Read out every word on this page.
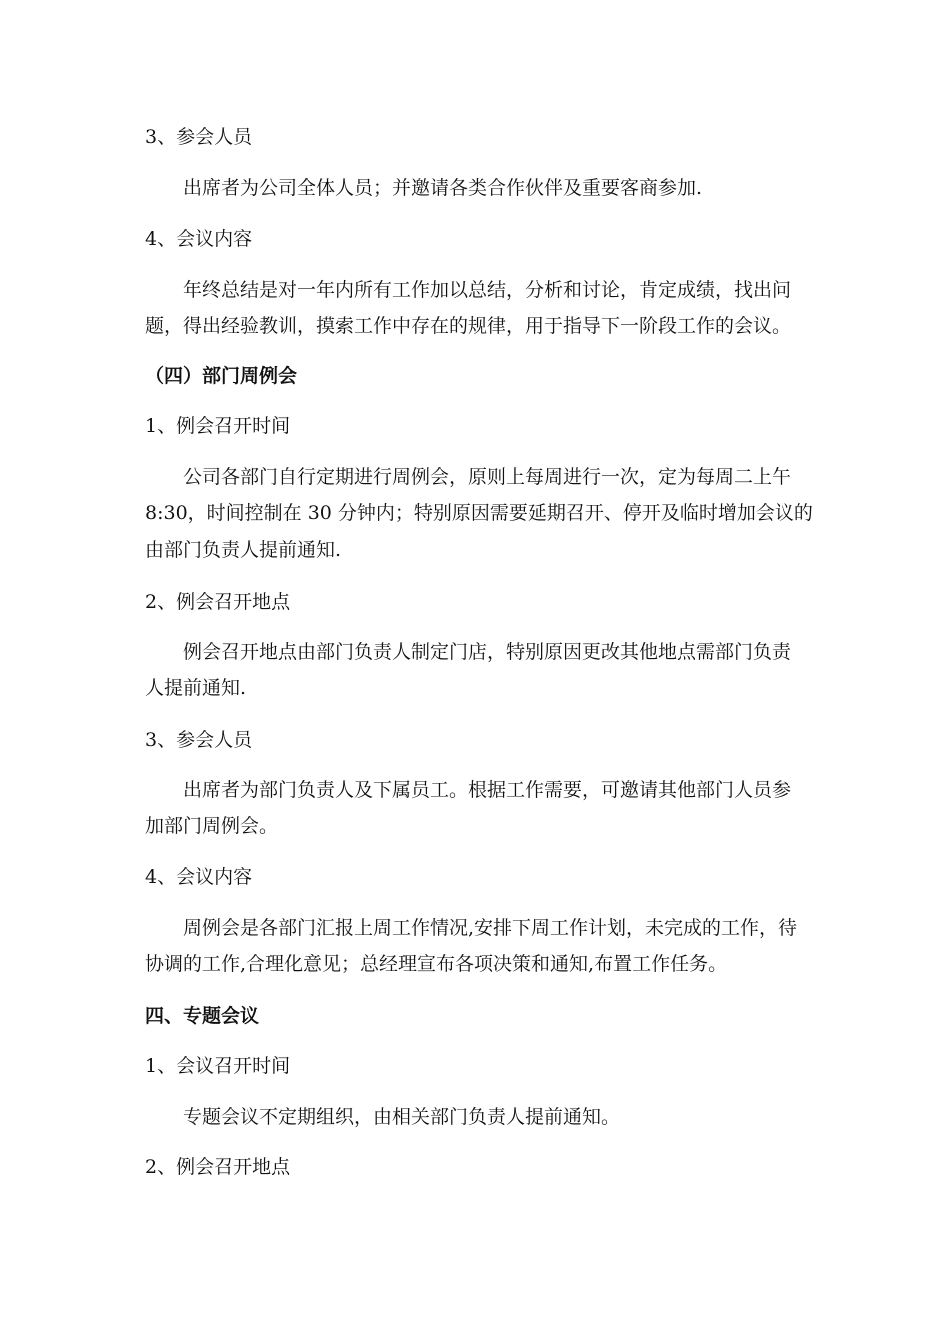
3、参会人员
出席者为公司全体人员；并邀请各类合作伙伴及重要客商参加.
4、会议内容
年终总结是对一年内所有工作加以总结，分析和讨论，肯定成绩，找出问
题，得出经验教训，摸索工作中存在的规律，用于指导下一阶段工作的会议。
（四）部门周例会
1、例会召开时间
公司各部门自行定期进行周例会，原则上每周进行一次，定为每周二上午
8:30，时间控制在 30 分钟内；特别原因需要延期召开、停开及临时增加会议的
由部门负责人提前通知.
2、例会召开地点
例会召开地点由部门负责人制定门店，特别原因更改其他地点需部门负责
人提前通知.
3、参会人员
出席者为部门负责人及下属员工。根据工作需要，可邀请其他部门人员参
加部门周例会。
4、会议内容
周例会是各部门汇报上周工作情况,安排下周工作计划，未完成的工作，待
协调的工作,合理化意见；总经理宣布各项决策和通知,布置工作任务。
四、专题会议
1、会议召开时间
专题会议不定期组织，由相关部门负责人提前通知。
2、例会召开地点
